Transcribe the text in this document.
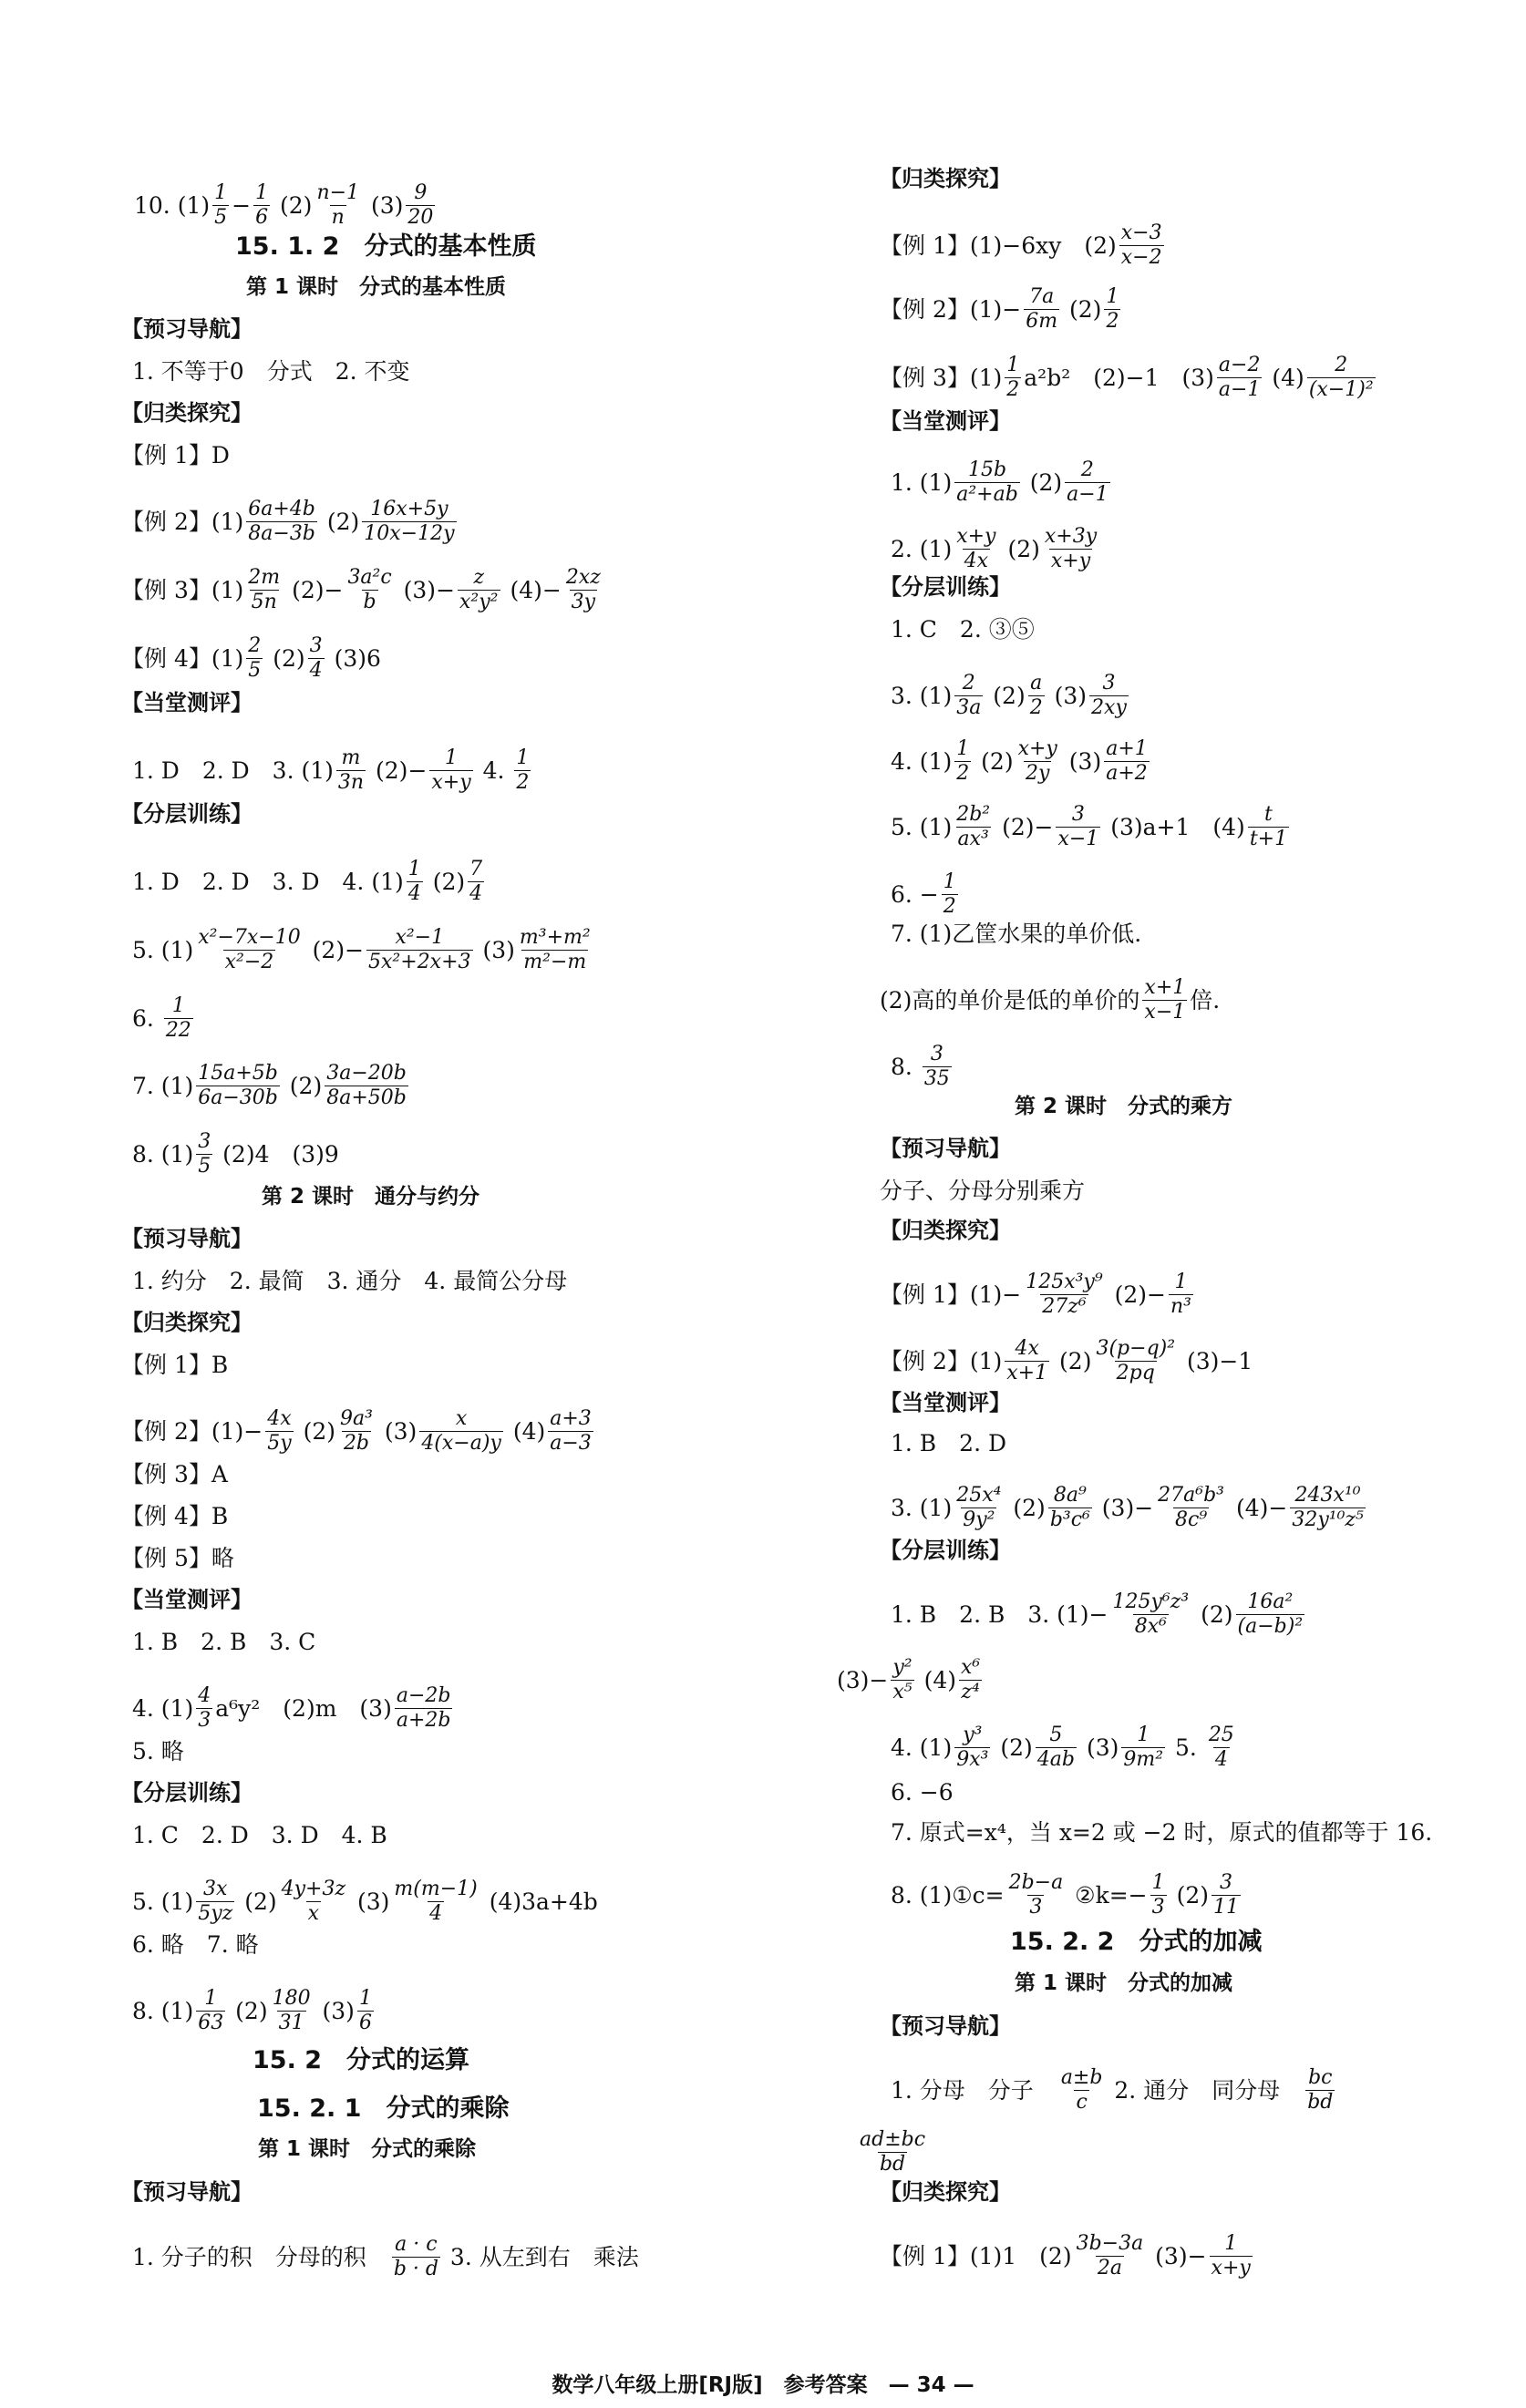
10. $(1) \frac{1}{5} - \frac{1}{6} (2) \frac{n-1}{n} (3) \frac{9}{20}$
15. 1. 2　分式的基本性质
第 1 课时　分式的基本性质
【预习导航】
1. 不等于0　分式　2. 不变
【归类探究】
【例 1】D
【例 2】$(1) \frac{6a+4b}{8a-3b} (2) \frac{16x+5y}{10x-12y}$
【例 3】$(1) \frac{2m}{5n} (2)- \frac{\text{3a²c}}{b} (3)- \frac{z}{\text{x²y²}} (4)- \frac{2xz}{3y}$
【例 4】$(1) \frac{2}{5} (2) \frac{3}{4} (3)6$
【当堂测评】
1. D　2. D　3. $(1) \frac{m}{3n} (2)- \frac{1}{x+y} 4$. $\frac{1}{2}$
【分层训练】
1. D　2. D　3. D　4. $(1) \frac{1}{4} (2) \frac{7}{4}$
5. $(1) \frac{\text{x²−7x−10}}{\text{x²−2}} (2)- \frac{\text{x²−1}}{\text{5x²+2x+3}} (3) \frac{\text{m³+m²}}{\text{m²−m}}$
6. $\frac{1}{22}$
7. $(1) \frac{15a+5b}{6a-30b} (2) \frac{3a-20b}{8a+50b}$
8. $(1) \frac{3}{5} (2)4$　(3)9
第 2 课时　通分与约分
【预习导航】
1. 约分　2. 最简　3. 通分　4. 最简公分母
【归类探究】
【例 1】B
【例 2】$(1)- \frac{4x}{5y} (2) \frac{\text{9a³}}{2b} (3) \frac{x}{4(x-a)y} (4) \frac{a+3}{a-3}$
【例 3】A
【例 4】B
【例 5】略
【当堂测评】
1. B　2. B　3. C
4. $(1) \frac{4}{3} a^6y^2$　(2)m　$(3) \frac{a-2b}{a+2b}$
5. 略
【分层训练】
1. C　2. D　3. D　4. B
5. $(1) \frac{3x}{5yz} (2) \frac{4y+3z}{x} (3) \frac{m(m-1)}{4} (4)3a+4b$
6. 略　7. 略
8. $(1) \frac{1}{63} (2) \frac{180}{31} (3) \frac{1}{6}$
15. 2　分式的运算
15. 2. 1　分式的乘除
第 1 课时　分式的乘除
【预习导航】
1. 分子的积　分母的积　 $\frac{a \cdot c}{b \cdot d} 3$. 从左到右　乘法
【归类探究】
【例 1】(1)−6xy　$(2) \frac{x-3}{x-2}$
【例 2】$(1)- \frac{7a}{6m} (2) \frac{1}{2}$
【例 3】$(1) \frac{1}{2} a^2b^2$　(2)−1　$(3) \frac{a-2}{a-1} (4) \frac{2}{\text{(x−1)²}}$
【当堂测评】
1. $(1) \frac{15b}{\text{a²+ab}} (2) \frac{2}{a-1}$
2. $(1) \frac{x+y}{4x} (2) \frac{x+3y}{x+y}$
【分层训练】
1. C　2. ③⑤
3. $(1) \frac{2}{3a} (2) \frac{a}{2} (3) \frac{3}{2xy}$
4. $(1) \frac{1}{2} (2) \frac{x+y}{2y} (3) \frac{a+1}{a+2}$
5. $(1) \frac{\text{2b²}}{\text{ax³}} (2)- \frac{3}{x-1} (3)a+1$　$(4) \frac{t}{t+1}$
6. − $\frac{1}{2}$
7. (1)乙筐水果的单价低.
(2)高的单价是低的单价的 $\frac{x+1}{x-1}$ 倍.
8. $\frac{3}{35}$
第 2 课时　分式的乘方
【预习导航】
分子、分母分别乘方
【归类探究】
【例 1】$(1)- \frac{\text{125x³y⁹}}{\text{27z⁶}} (2)- \frac{1}{\text{n³}}$
【例 2】$(1) \frac{4x}{x+1} (2) \frac{\text{3(p−q)²}}{2pq} (3)-1$
【当堂测评】
1. B　2. D
3. $(1) \frac{\text{25x⁴}}{\text{9y²}} (2) \frac{\text{8a⁹}}{\text{b³c⁶}} (3)- \frac{\text{27a⁶b³}}{\text{8c⁹}} (4)- \frac{\text{243x¹⁰}}{\text{32y¹⁰z⁵}}$
【分层训练】
1. B　2. B　3. $(1)- \frac{\text{125y⁶z³}}{\text{8x⁶}} (2) \frac{\text{16a²}}{\text{(a−b)²}}$
$(3)- \frac{\text{y²}}{\text{x⁵}} (4) \frac{\text{x⁶}}{\text{z⁴}}$
4. $(1) \frac{\text{y³}}{\text{9x³}} (2) \frac{5}{4ab} (3) \frac{1}{\text{9m²}} 5$. $\frac{25}{4}$
6. −6
7. 原式=x⁴，当 x=2 或 −2 时，原式的值都等于 16.
8. (1)①c= $\frac{2b-a}{3}$ ②k=− $\frac{1}{3} (2) \frac{3}{11}$
15. 2. 2　分式的加减
第 1 课时　分式的加减
【预习导航】
1. 分母　分子　 $\frac{a\pm b}{c} 2$. 通分　同分母　 $\frac{bc}{bd}$
$\frac{ad\pm bc}{bd}$
【归类探究】
【例 1】(1)1　$(2) \frac{3b-3a}{2a} (3)- \frac{1}{x+y}$
数学八年级上册[RJ版]　参考答案　— 34 —
